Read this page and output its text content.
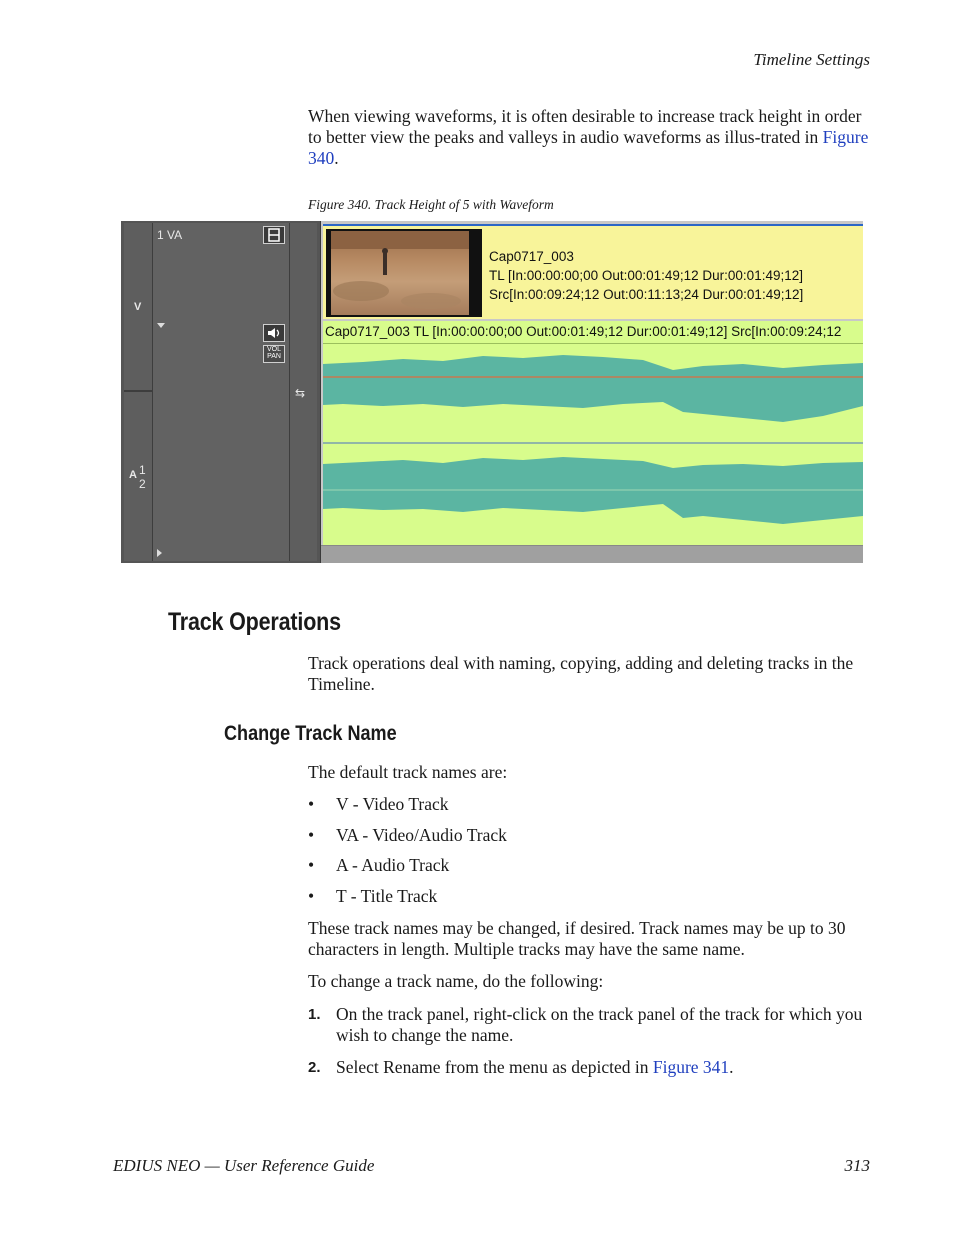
Timeline Settings
When viewing waveforms, it is often desirable to increase track height in order to better view the peaks and valleys in audio waveforms as illus-trated in Figure 340.
Figure 340. Track Height of 5 with Waveform
V
A 1
2
1 VA
VOL PAN
⇆
Cap0717_003
TL [In:00:00:00;00 Out:00:01:49;12 Dur:00:01:49;12]
Src[In:00:09:24;12 Out:00:11:13;24 Dur:00:01:49;12]
Cap0717_003 TL [In:00:00:00;00 Out:00:01:49;12 Dur:00:01:49;12] Src[In:00:09:24;12
Track Operations
Track operations deal with naming, copying, adding and deleting tracks in the Timeline.
Change Track Name
The default track names are:
• V - Video Track
• VA - Video/Audio Track
• A - Audio Track
• T - Title Track
These track names may be changed, if desired. Track names may be up to 30 characters in length. Multiple tracks may have the same name.
To change a track name, do the following:
1. On the track panel, right-click on the track panel of the track for which you wish to change the name.
2. Select Rename from the menu as depicted in Figure 341.
EDIUS NEO — User Reference Guide	313
